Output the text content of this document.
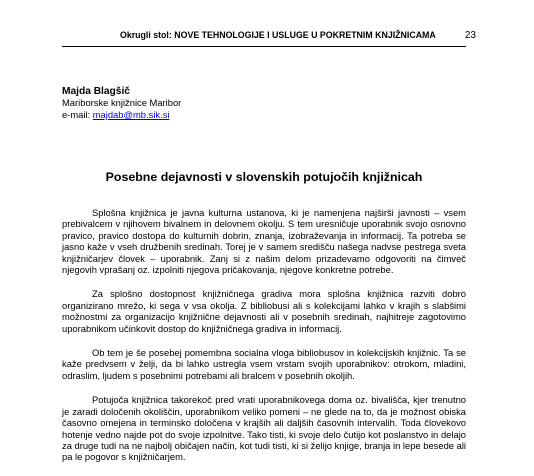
Okrugli stol: NOVE TEHNOLOGIJE I USLUGE U POKRETNIM KNJIŽNICAMA	23
Majda Blagšič
Mariborske knjižnice Maribor
e-mail: majdab@mb.sik.si
Posebne dejavnosti v slovenskih potujočih knjižnicah

Splošna knjižnica je javna kulturna ustanova, ki je namenjena najširši javnosti – vsem prebivalcem v njihovem bivalnem in delovnem okolju. S tem uresničuje uporabnik svojo osnovno pravico, pravico dostopa do kulturnih dobrin, znanja, izobraževanja in informacij. Ta potreba se jasno kaže v vseh družbenih sredinah. Torej je v samem središču našega nadvse pestrega sveta knjižničarjev človek – uporabnik. Zanj si z našim delom prizadevamo odgovoriti na čimveč njegovih vprašanj oz. izpolniti njegova pričakovanja, njegove konkretne potrebe.

Za splošno dostopnost knjižničnega gradiva mora splošna knjižnica razviti dobro organizirano mrežo, ki sega v vsa okolja. Z bibliobusi ali s kolekcijami lahko v krajih s slabšimi možnostmi za organizacijo knjižnične dejavnosti ali v posebnih sredinah, najhitreje zagotovimo uporabnikom učinkovit dostop do knjižničnega gradiva in informacij.

Ob tem je še posebej pomembna socialna vloga bibliobusov in kolekcijskih knjižnic. Ta se kaže predvsem v želji, da bi lahko ustregla vsem vrstam svojih uporabnikov: otrokom, mladini, odraslim, ljudem s posebnimi potrebami ali bralcem v posebnih okoljih.

Potujoča knjižnica takorekoč pred vrati uporabnikovega doma oz. bivališča, kjer trenutno je zaradi določenih okoliščin, uporabnikom veliko pomeni – ne glede na to, da je možnost obiska časovno omejena in terminsko določena v krajših ali daljših časovnih intervalih. Toda človekovo hotenje vedno najde pot do svoje izpolnitve. Tako tisti, ki svoje delo čutijo kot poslanstvo in delajo za druge tudi na ne najbolj običajen način, kot tudi tisti, ki si želijo knjige, branja in lepe besede ali pa le pogovor s knjižničarjem.
